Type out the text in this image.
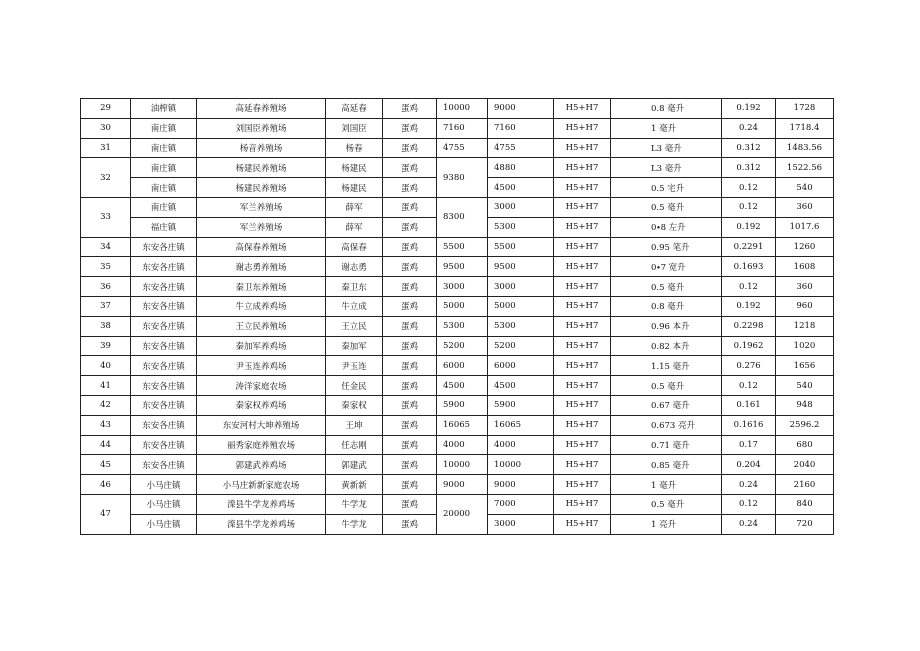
29	油榨镇	高延春养殖场	高延春	蛋鸡	10000	9000	H5+H7	0.8 毫升	0.192	1728
30	南庄镇	刘国臣养殖场	刘国臣	蛋鸡	7160	7160	H5+H7	1 毫升	0.24	1718.4
31	南庄镇	杨音养殖场	杨春	蛋鸡	4755	4755	H5+H7	L3 毫升	0.312	1483.56
32	南庄镇	杨建民养殖场	杨建民	蛋鸡	9380	4880	H5+H7	L3 毫升	0.312	1522.56
	南庄镇	杨建民养殖场	杨建民	蛋鸡		4500	H5+H7	0.5 宅升	0.12	540
33	南庄镇	军兰养殖场	薛军	蛋鸡	8300	3000	H5+H7	0.5 毫升	0.12	360
	福庄镇	军兰养殖场	薛军	蛋鸡		5300	H5+H7	0∙8 左升	0.192	1017.6
34	东安各庄镇	高保春养殖场	高保春	蛋鸡	5500	5500	H5+H7	0.95 笔升	0.2291	1260
35	东安各庄镇	谢志勇养殖场	谢志勇	蛋鸡	9500	9500	H5+H7	0∙7 宽升	0.1693	1608
36	东安各庄镇	秦卫东养殖场	秦卫东	蛋鸡	3000	3000	H5+H7	0.5 毫升	0.12	360
37	东安各庄镇	牛立成养鸡场	牛立成	蛋鸡	5000	5000	H5+H7	0.8 毫升	0.192	960
38	东安各庄镇	王立民养殖场	王立民	蛋鸡	5300	5300	H5+H7	0.96 本升	0.2298	1218
39	东安各庄镇	秦加军养鸡场	秦加军	蛋鸡	5200	5200	H5+H7	0.82 本升	0.1962	1020
40	东安各庄镇	尹玉连养鸡场	尹玉连	蛋鸡	6000	6000	H5+H7	1.15 毫升	0.276	1656
41	东安各庄镇	涛洋家庭农场	任金民	蛋鸡	4500	4500	H5+H7	0.5 毫升	0.12	540
42	东安各庄镇	秦家权养鸡场	秦家权	蛋鸡	5900	5900	H5+H7	0.67 毫升	0.161	948
43	东安各庄镇	东安河村大坤养殖场	王坤	蛋鸡	16065	16065	H5+H7	0.673 亮升	0.1616	2596.2
44	东安各庄镇	丽秀家庭养殖农场	任志刚	蛋鸡	4000	4000	H5+H7	0.71 毫升	0.17	680
45	东安各庄镇	郭建武养鸡场	郭建武	蛋鸡	10000	10000	H5+H7	0.85 毫升	0.204	2040
46	小马庄镇	小马庄新新家庭农场	黄新新	蛋鸡	9000	9000	H5+H7	1 毫升	0.24	2160
47	小马庄镇	滦县牛学龙养鸡场	牛学龙	蛋鸡	20000	7000	H5+H7	0.5 毫升	0.12	840
	小马庄镇	滦县牛学龙养鸡场	牛学龙	蛋鸡		3000	H5+H7	1 亮升	0.24	720
